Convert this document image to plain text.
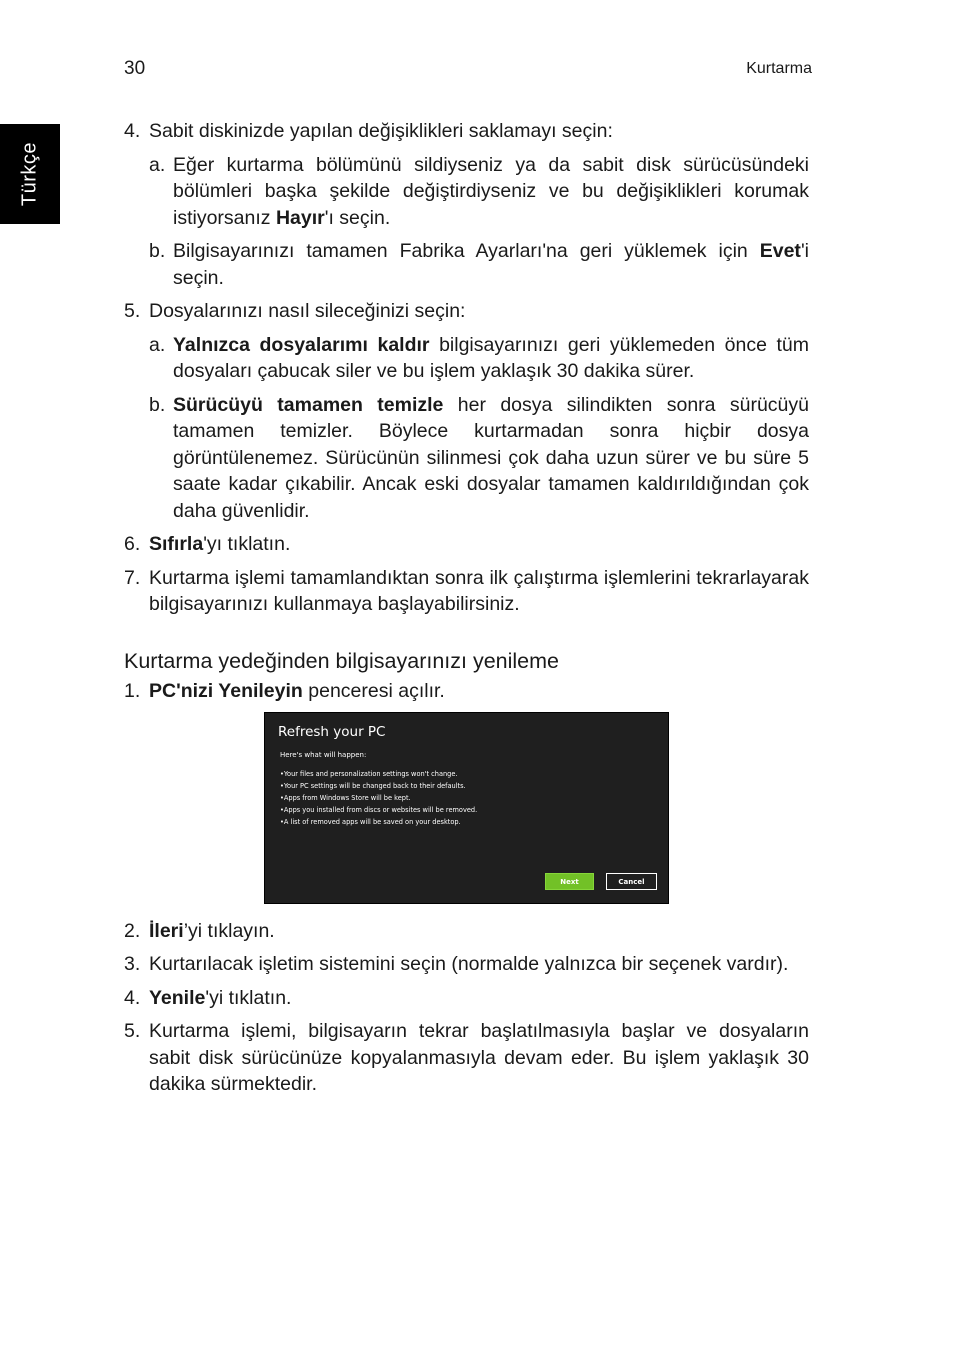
30	Kurtarma
Türkçe
4. Sabit diskinizde yapılan değişiklikleri saklamayı seçin:
a. Eğer kurtarma bölümünü sildiyseniz ya da sabit disk sürücüsündeki bölümleri başka şekilde değiştirdiyseniz ve bu değişiklikleri korumak istiyorsanız Hayır'ı seçin.
b. Bilgisayarınızı tamamen Fabrika Ayarları'na geri yüklemek için Evet'i seçin.
5. Dosyalarınızı nasıl sileceğinizi seçin:
a. Yalnızca dosyalarımı kaldır bilgisayarınızı geri yüklemeden önce tüm dosyaları çabucak siler ve bu işlem yaklaşık 30 dakika sürer.
b. Sürücüyü tamamen temizle her dosya silindikten sonra sürücüyü tamamen temizler. Böylece kurtarmadan sonra hiçbir dosya görüntülenemez. Sürücünün silinmesi çok daha uzun sürer ve bu süre 5 saate kadar çıkabilir. Ancak eski dosyalar tamamen kaldırıldığından çok daha güvenlidir.
6. Sıfırla'yı tıklatın.
7. Kurtarma işlemi tamamlandıktan sonra ilk çalıştırma işlemlerini tekrarlayarak bilgisayarınızı kullanmaya başlayabilirsiniz.
Kurtarma yedeğinden bilgisayarınızı yenileme
1. PC'nizi Yenileyin penceresi açılır.
Refresh your PC
Here's what will happen:
• Your files and personalization settings won't change.
• Your PC settings will be changed back to their defaults.
• Apps from Windows Store will be kept.
• Apps you installed from discs or websites will be removed.
• A list of removed apps will be saved on your desktop.
Next	Cancel
2. İleri’yi tıklayın.
3. Kurtarılacak işletim sistemini seçin (normalde yalnızca bir seçenek vardır).
4. Yenile'yi tıklatın.
5. Kurtarma işlemi, bilgisayarın tekrar başlatılmasıyla başlar ve dosyaların sabit disk sürücünüze kopyalanmasıyla devam eder. Bu işlem yaklaşık 30 dakika sürmektedir.
